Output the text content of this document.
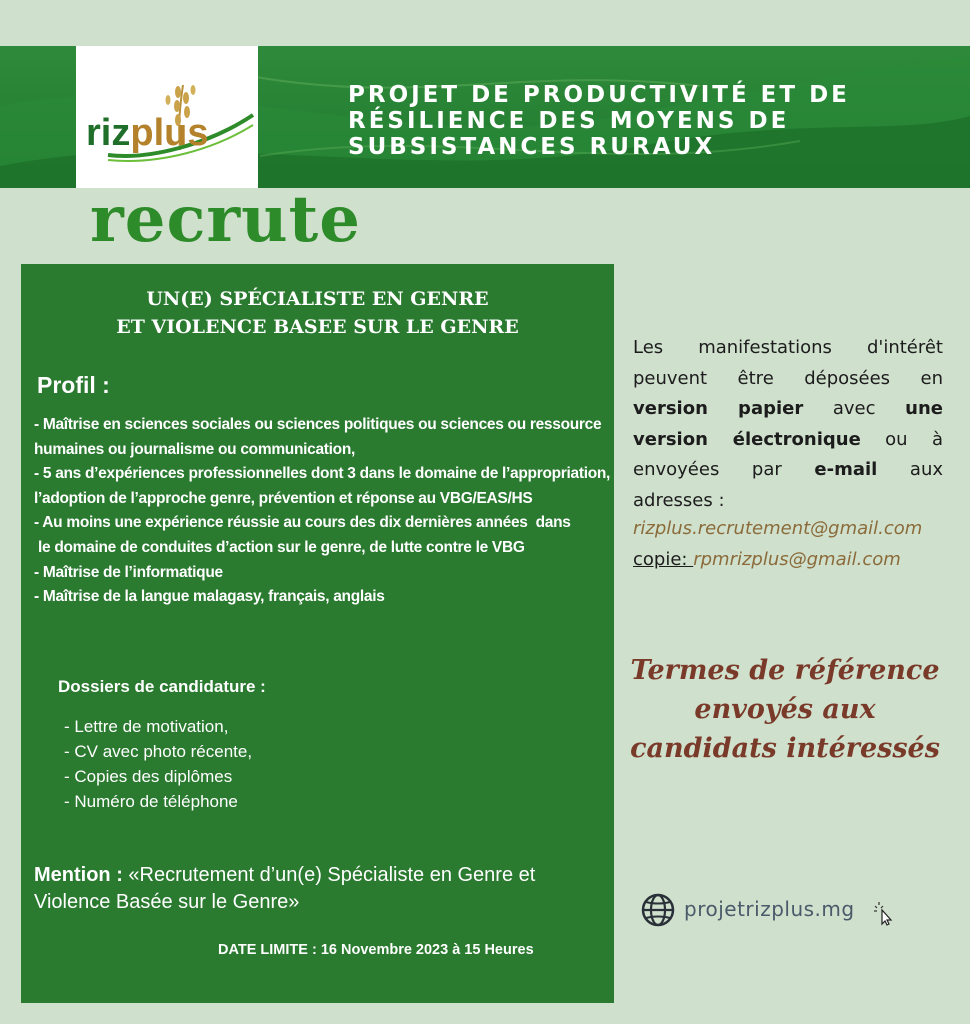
rizplus
PROJET DE PRODUCTIVITÉ ET DE
RÉSILIENCE DES MOYENS DE
SUBSISTANCES RURAUX
recrute
UN(E) SPÉCIALISTE EN GENRE
ET VIOLENCE BASEE SUR LE GENRE
Profil :
- Maîtrise en sciences sociales ou sciences politiques ou sciences ou ressource
humaines ou journalisme ou communication,
- 5 ans d’expériences professionnelles dont 3 dans le domaine de l’appropriation,
l’adoption de l’approche genre, prévention et réponse au VBG/EAS/HS
- Au moins une expérience réussie au cours des dix dernières années  dans
le domaine de conduites d’action sur le genre, de lutte contre le VBG
- Maîtrise de l’informatique
- Maîtrise de la langue malagasy, français, anglais
Dossiers de candidature :
- Lettre de motivation,
- CV avec photo récente,
- Copies des diplômes
- Numéro de téléphone
Mention : «Recrutement d’un(e) Spécialiste en Genre et Violence Basée sur le Genre»
DATE LIMITE : 16 Novembre 2023 à 15 Heures
Les manifestations d'intérêt peuvent être déposées en version papier avec une version électronique ou à envoyées par e-mail aux adresses :
rizplus.recrutement@gmail.com
copie: rpmrizplus@gmail.com
Termes de référence
envoyés aux
candidats intéressés
projetrizplus.mg
